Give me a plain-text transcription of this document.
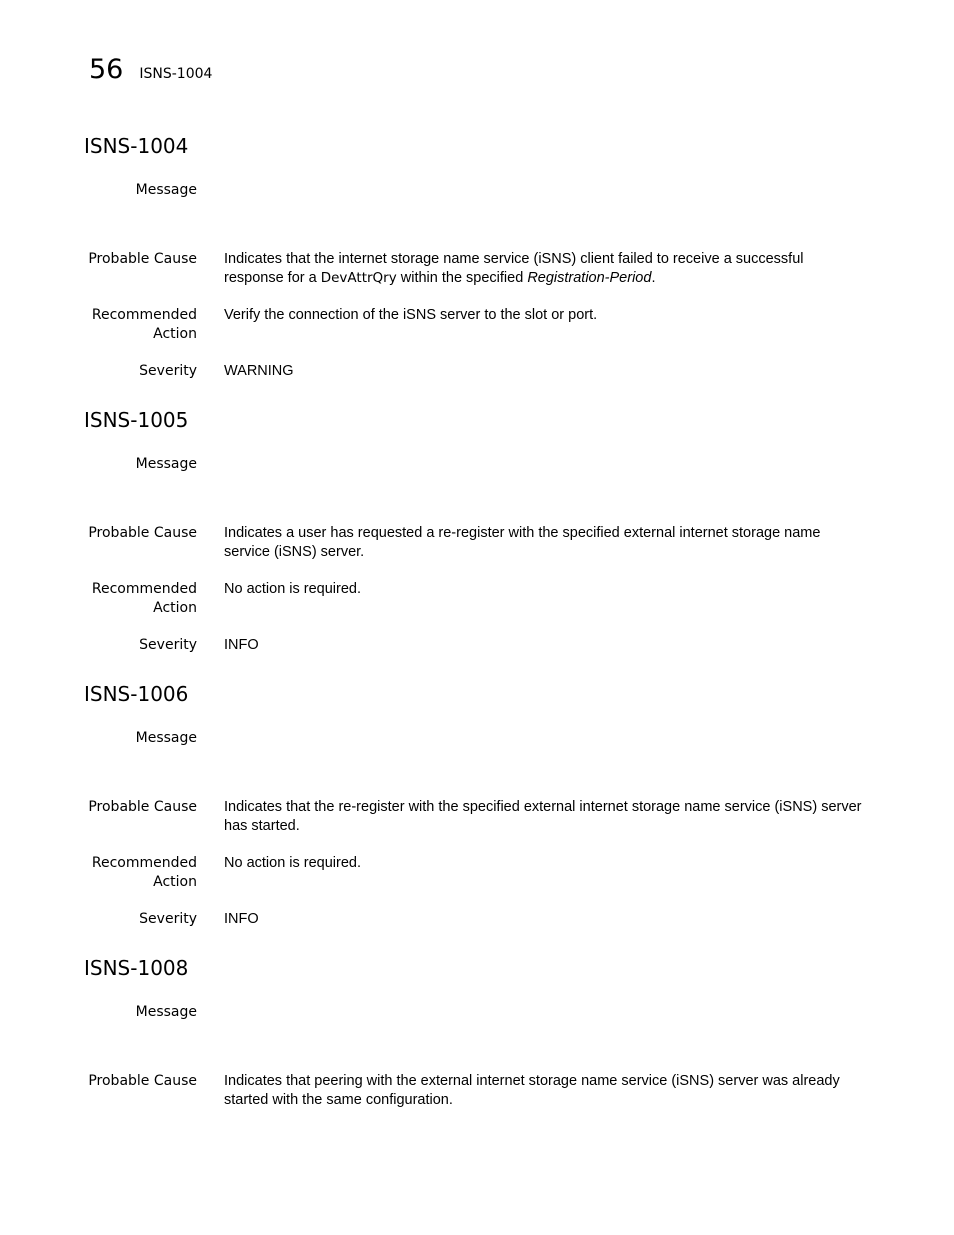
56 ISNS-1004
ISNS-1004
Message
Probable Cause Indicates that the internet storage name service (iSNS) client failed to receive a successful response for a DevAttrQry within the specified Registration-Period.
Recommended
Action
Verify the connection of the iSNS server to the slot or port.
Severity WARNING
ISNS-1005
Message
Probable Cause Indicates a user has requested a re-register with the specified external internet storage name service (iSNS) server.
Recommended
Action
No action is required.
Severity INFO
ISNS-1006
Message
Probable Cause Indicates that the re-register with the specified external internet storage name service (iSNS) server has started.
Recommended
Action
No action is required.
Severity INFO
ISNS-1008
Message
Probable Cause Indicates that peering with the external internet storage name service (iSNS) server was already started with the same configuration.
